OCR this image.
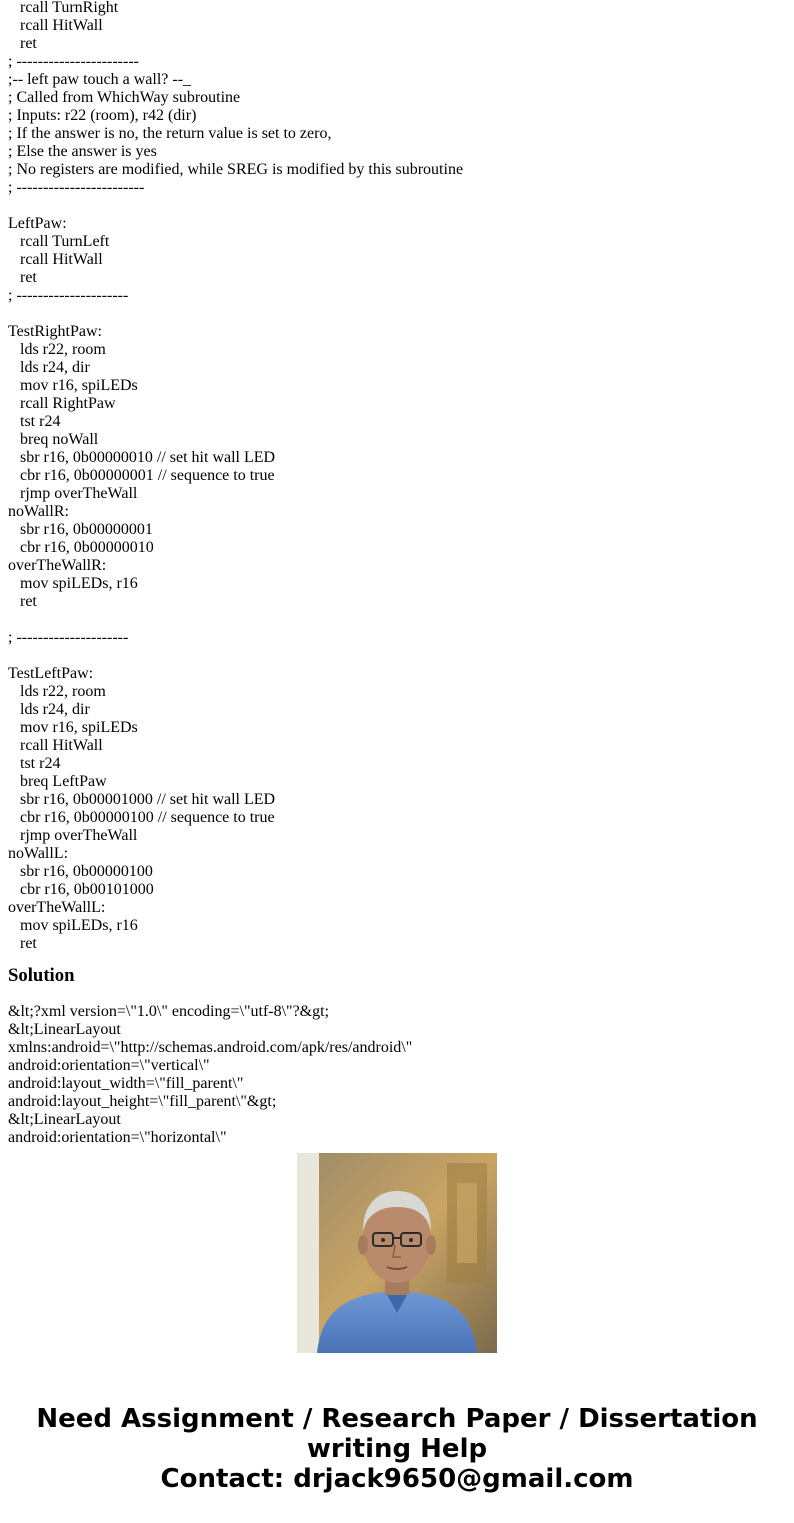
rcall TurnRight
rcall HitWall
ret
; -----------------------
;-- left paw touch a wall? --_
; Called from WhichWay subroutine
; Inputs: r22 (room), r42 (dir)
; If the answer is no, the return value is set to zero,
; Else the answer is yes
; No registers are modified, while SREG is modified by this subroutine
; ------------------------
LeftPaw:
rcall TurnLeft
rcall HitWall
ret
; ---------------------
TestRightPaw:
lds r22, room
lds r24, dir
mov r16, spiLEDs
rcall RightPaw
tst r24
breq noWall
sbr r16, 0b00000010 // set hit wall LED
cbr r16, 0b00000001 // sequence to true
rjmp overTheWall
noWallR:
sbr r16, 0b00000001
cbr r16, 0b00000010
overTheWallR:
mov spiLEDs, r16
ret
; ---------------------
TestLeftPaw:
lds r22, room
lds r24, dir
mov r16, spiLEDs
rcall HitWall
tst r24
breq LeftPaw
sbr r16, 0b00001000 // set hit wall LED
cbr r16, 0b00000100 // sequence to true
rjmp overTheWall
noWallL:
sbr r16, 0b00000100
cbr r16, 0b00101000
overTheWallL:
mov spiLEDs, r16
ret
Solution
&lt;?xml version=\"1.0\" encoding=\"utf-8\"?&gt;
&lt;LinearLayout
xmlns:android=\"http://schemas.android.com/apk/res/android\"
android:orientation=\"vertical\"
android:layout_width=\"fill_parent\"
android:layout_height=\"fill_parent\"&gt;
&lt;LinearLayout
android:orientation=\"horizontal\"
Need Assignment / Research Paper / Dissertation
writing Help
Contact: drjack9650@gmail.com
